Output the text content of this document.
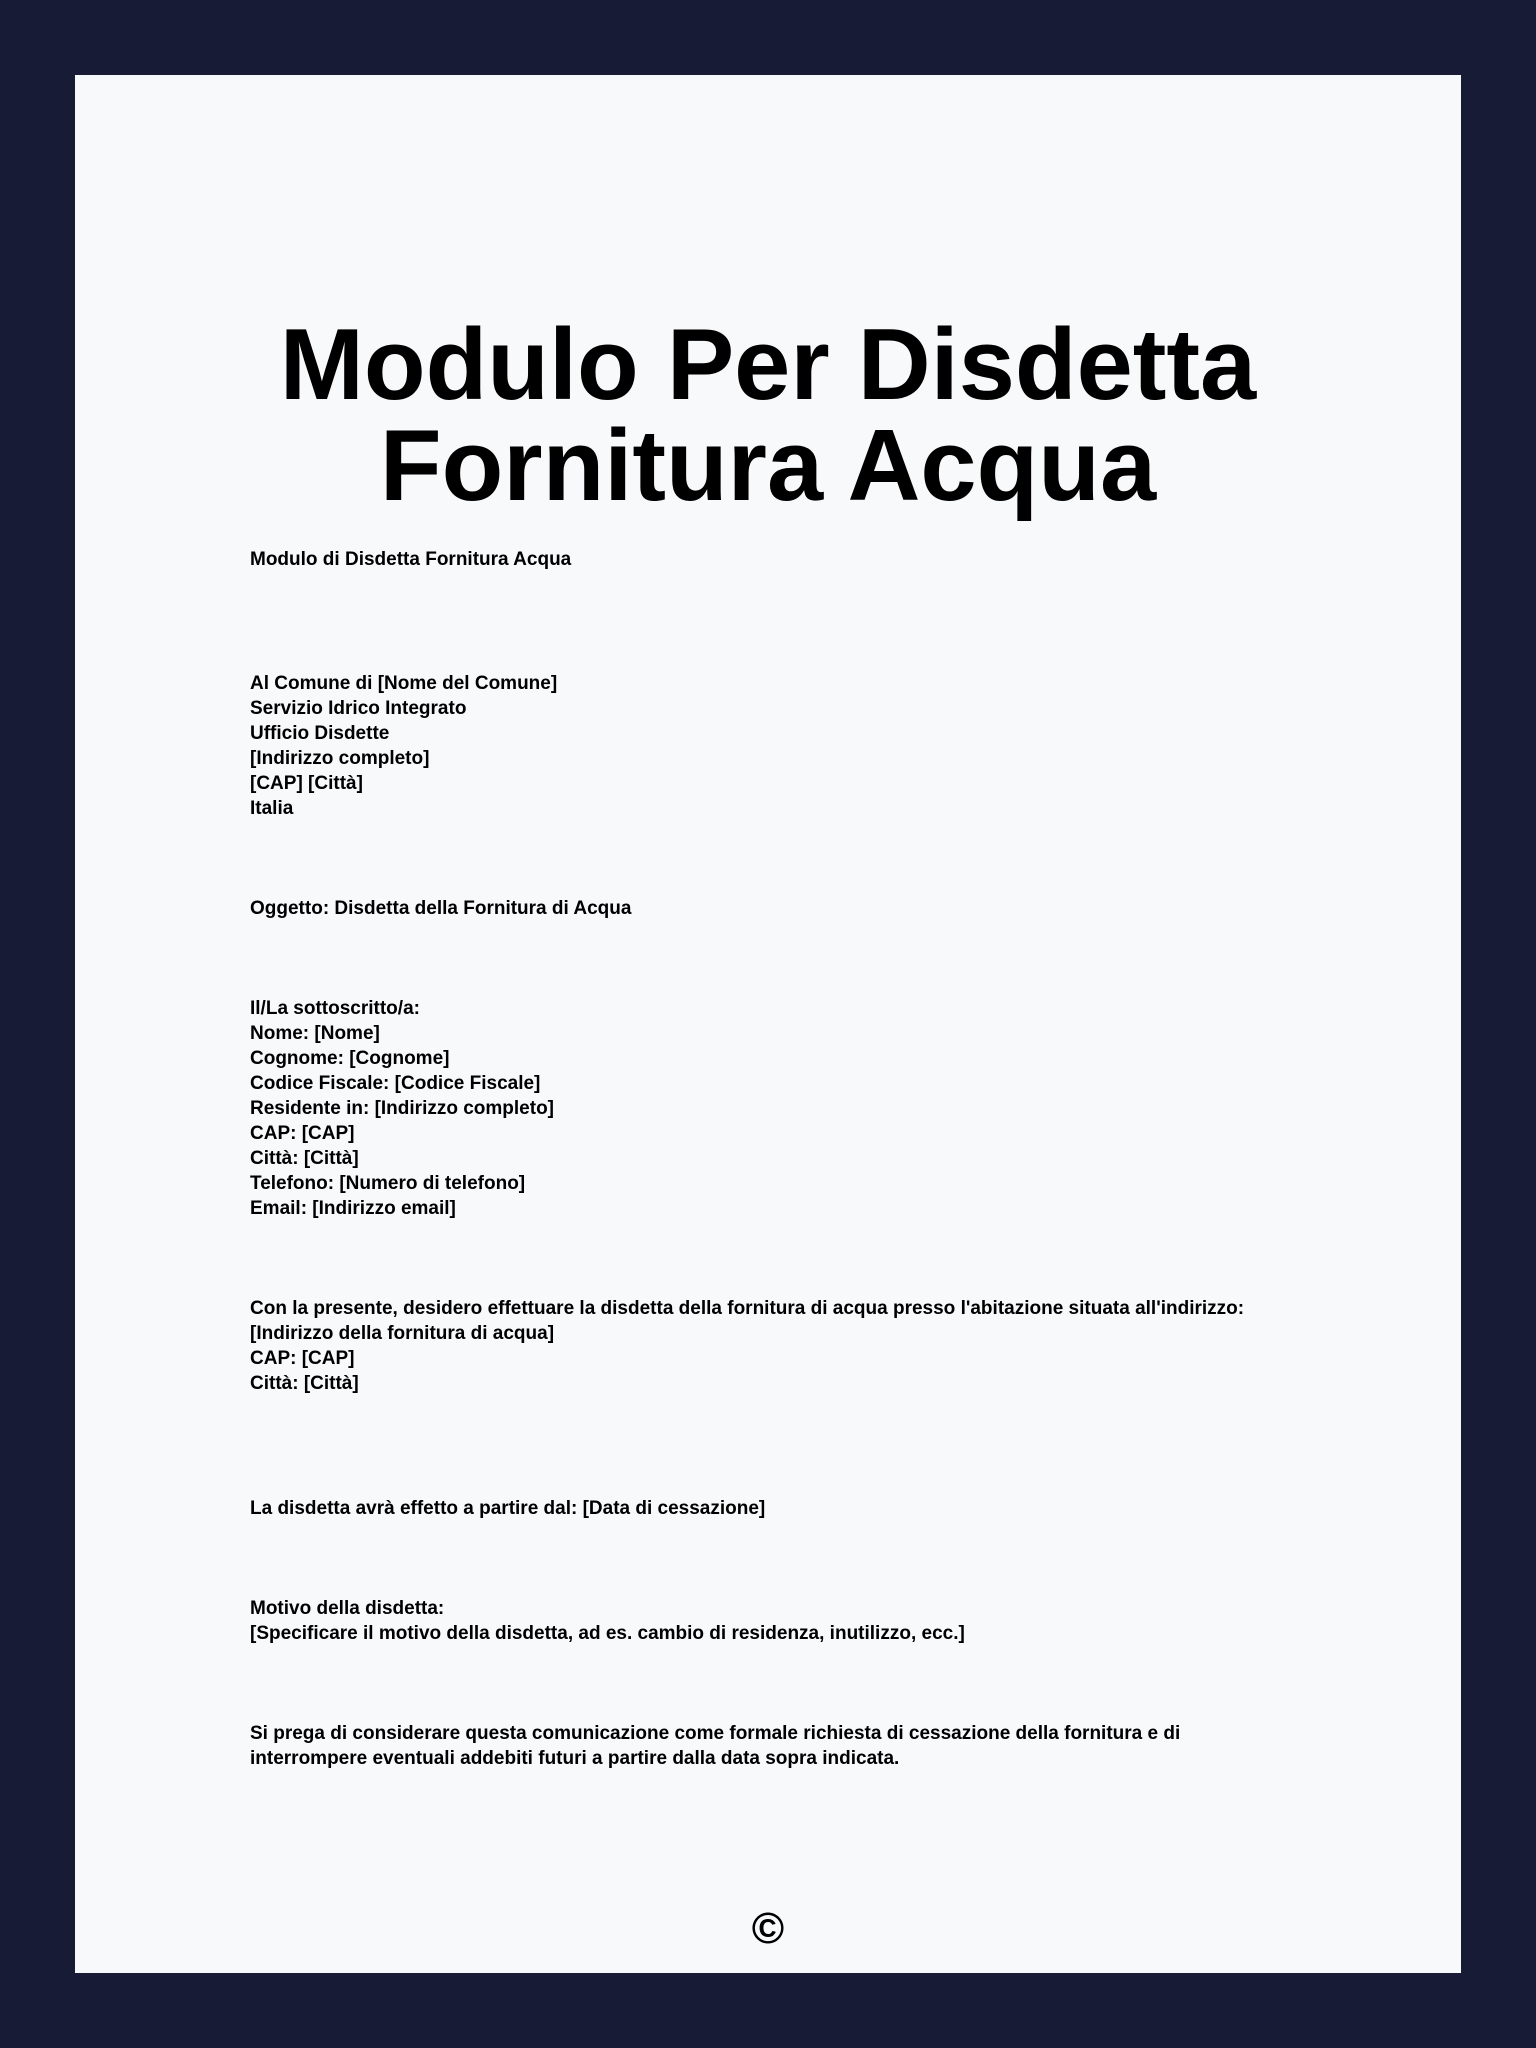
Modulo Per Disdetta
Fornitura Acqua

Modulo di Disdetta Fornitura Acqua

Al Comune di [Nome del Comune]
Servizio Idrico Integrato
Ufficio Disdette
[Indirizzo completo]
[CAP] [Città]
Italia

Oggetto: Disdetta della Fornitura di Acqua

Il/La sottoscritto/a:
Nome: [Nome]
Cognome: [Cognome]
Codice Fiscale: [Codice Fiscale]
Residente in: [Indirizzo completo]
CAP: [CAP]
Città: [Città]
Telefono: [Numero di telefono]
Email: [Indirizzo email]

Con la presente, desidero effettuare la disdetta della fornitura di acqua presso l'abitazione situata all'indirizzo:
[Indirizzo della fornitura di acqua]
CAP: [CAP]
Città: [Città]

La disdetta avrà effetto a partire dal: [Data di cessazione]

Motivo della disdetta:
[Specificare il motivo della disdetta, ad es. cambio di residenza, inutilizzo, ecc.]

Si prega di considerare questa comunicazione come formale richiesta di cessazione della fornitura e di interrompere eventuali addebiti futuri a partire dalla data sopra indicata.

©
